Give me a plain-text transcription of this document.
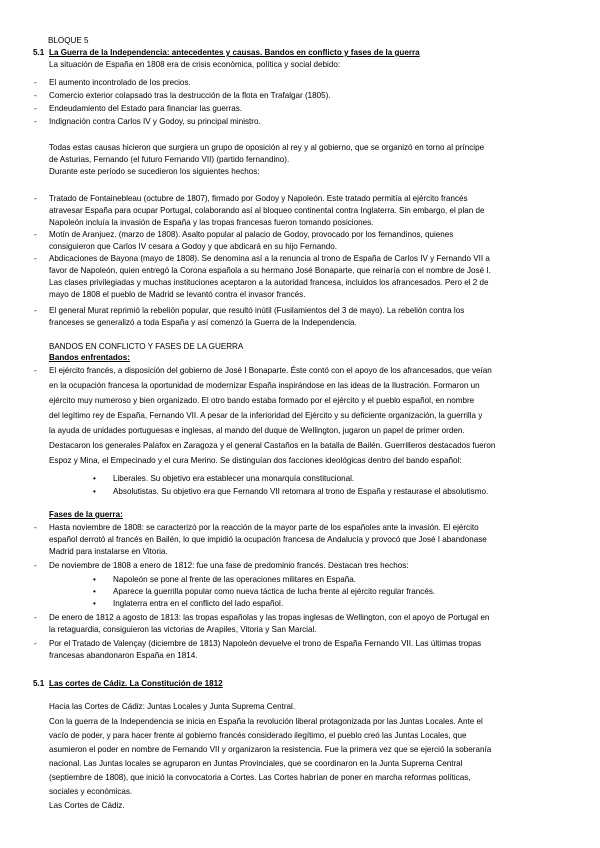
BLOQUE 5
5.1 La Guerra de la Independencia: antecedentes y causas. Bandos en conflicto y fases de la guerra
La situación de España en 1808 era de crisis económica, política y social debido:
- El aumento incontrolado de los precios.
- Comercio exterior colapsado tras la destrucción de la flota en Trafalgar (1805).
- Endeudamiento del Estado para financiar las guerras.
- Indignación contra Carlos IV y Godoy, su principal ministro.
Todas estas causas hicieron que surgiera un grupo de oposición al rey y al gobierno, que se organizó en torno al príncipe
de Asturias, Fernando (el futuro Fernando VII) (partido fernandino).
Durante este período se sucedieron los siguientes hechos:
- Tratado de Fontainebleau (octubre de 1807), firmado por Godoy y Napoleón. Este tratado permitía al ejército francés
atravesar España para ocupar Portugal, colaborando así al bloqueo continental contra Inglaterra. Sin embargo, el plan de
Napoleón incluía la invasión de España y las tropas francesas fueron tomando posiciones.
- Motín de Aranjuez. (marzo de 1808). Asalto popular al palacio de Godoy, provocado por los fernandinos, quienes
consiguieron que Carlos IV cesara a Godoy y que abdicará en su hijo Fernando.
- Abdicaciones de Bayona (mayo de 1808). Se denomina así a la renuncia al trono de España de Carlos IV y Fernando VII a
favor de Napoleón, quien entregó la Corona española a su hermano José Bonaparte, que reinaría con el nombre de José I.
Las clases privilegiadas y muchas instituciones aceptaron a la autoridad francesa, incluidos los afrancesados. Pero el 2 de
mayo de 1808 el pueblo de Madrid se levantó contra el invasor francés.
- El general Murat reprimió la rebelión popular, que resultó inútil (Fusilamientos del 3 de mayo). La rebelión contra los
franceses se generalizó a toda España y así comenzó la Guerra de la Independencia.
BANDOS EN CONFLICTO Y FASES DE LA GUERRA
Bandos enfrentados:
- El ejército francés, a disposición del gobierno de José I Bonaparte. Éste contó con el apoyo de los afrancesados, que veían
en la ocupación francesa la oportunidad de modernizar España inspirándose en las ideas de la Ilustración. Formaron un
ejército muy numeroso y bien organizado. El otro bando estaba formado por el ejército y el pueblo español, en nombre
del legítimo rey de España, Fernando VII. A pesar de la inferioridad del Ejército y su deficiente organización, la guerrilla y
la ayuda de unidades portuguesas e inglesas, al mando del duque de Wellington, jugaron un papel de primer orden.
Destacaron los generales Palafox en Zaragoza y el general Castaños en la batalla de Bailén. Guerrilleros destacados fueron
Espoz y Mina, el Empecinado y el cura Merino. Se distinguían dos facciones ideológicas dentro del bando español:
• Liberales. Su objetivo era establecer una monarquía constitucional.
• Absolutistas. Su objetivo era que Fernando VII retornara al trono de España y restaurase el absolutismo.
Fases de la guerra:
- Hasta noviembre de 1808: se caracterizó por la reacción de la mayor parte de los españoles ante la invasión. El ejército
español derrotó al francés en Bailén, lo que impidió la ocupación francesa de Andalucía y provocó que José I abandonase
Madrid para instalarse en Vitoria.
- De noviembre de 1808 a enero de 1812: fue una fase de predominio francés. Destacan tres hechos:
• Napoleón se pone al frente de las operaciones militares en España.
• Aparece la guerrilla popular como nueva táctica de lucha frente al ejército regular francés.
• Inglaterra entra en el conflicto del lado español.
- De enero de 1812 a agosto de 1813: las tropas españolas y las tropas inglesas de Wellington, con el apoyo de Portugal en
la retaguardia, consiguieron las victorias de Arapiles, Vitoria y San Marcial.
- Por el Tratado de Valençay (diciembre de 1813) Napoleón devuelve el trono de España Fernando VII. Las últimas tropas
francesas abandonaron España en 1814.
5.1 Las cortes de Cádiz. La Constitución de 1812
Hacia las Cortes de Cádiz: Juntas Locales y Junta Suprema Central.
Con la guerra de la Independencia se inicia en España la revolución liberal protagonizada por las Juntas Locales. Ante el
vacío de poder, y para hacer frente al gobierno francés considerado ilegítimo, el pueblo creó las Juntas Locales, que
asumieron el poder en nombre de Fernando VII y organizaron la resistencia. Fue la primera vez que se ejerció la soberanía
nacional. Las Juntas locales se agruparon en Juntas Provinciales, que se coordinaron en la Junta Suprema Central
(septiembre de 1808), que inició la convocatoria a Cortes. Las Cortes habrían de poner en marcha reformas políticas,
sociales y económicas.
Las Cortes de Cádiz.
